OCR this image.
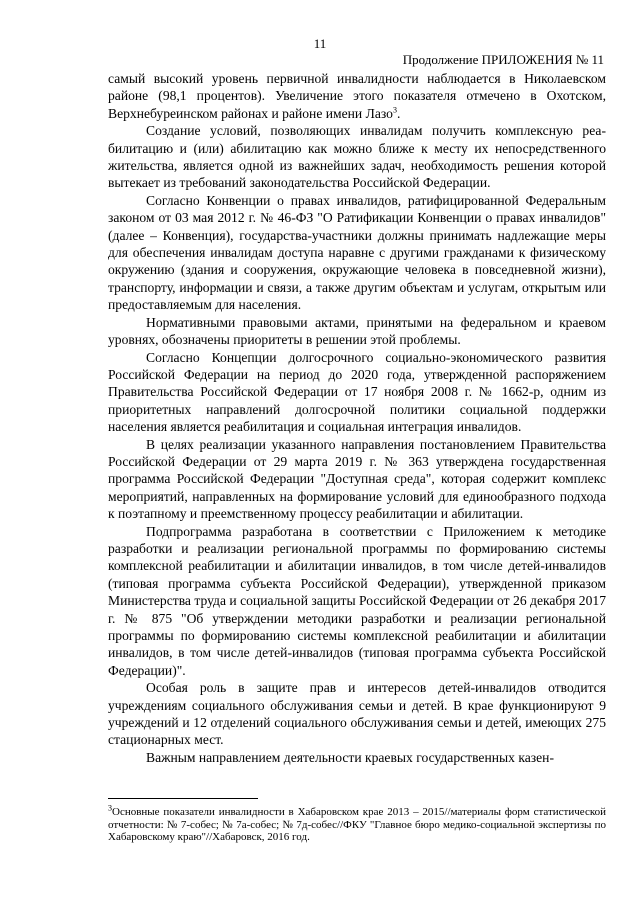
11
Продолжение ПРИЛОЖЕНИЯ № 11

самый высокий уровень первичной инвалидности наблюдается в Николаевском районе (98,1 процентов). Увеличение этого показателя отмечено в Охотском, Верхнебуреинском районах и районе имени Лазо$^3$.

Создание условий, позволяющих инвалидам получить комплексную реабилитацию и (или) абилитацию как можно ближе к месту их непосредственного жительства, является одной из важнейших задач, необходимость решения которой вытекает из требований законодательства Российской Федерации.

Согласно Конвенции о правах инвалидов, ратифицированной Федеральным законом от 03 мая 2012 г. № 46-ФЗ "О Ратификации Конвенции о правах инвалидов" (далее – Конвенция), государства-участники должны принимать надлежащие меры для обеспечения инвалидам доступа наравне с другими гражданами к физическому окружению (здания и сооружения, окружающие человека в повседневной жизни), транспорту, информации и связи, а также другим объектам и услугам, открытым или предоставляемым для населения.

Нормативными правовыми актами, принятыми на федеральном и краевом уровнях, обозначены приоритеты в решении этой проблемы.

Согласно Концепции долгосрочного социально-экономического развития Российской Федерации на период до 2020 года, утвержденной распоряжением Правительства Российской Федерации от 17 ноября 2008 г. № 1662-р, одним из приоритетных направлений долгосрочной политики социальной поддержки населения является реабилитация и социальная интеграция инвалидов.

В целях реализации указанного направления постановлением Правительства Российской Федерации от 29 марта 2019 г. № 363 утверждена государственная программа Российской Федерации "Доступная среда", которая содержит комплекс мероприятий, направленных на формирование условий для единообразного подхода к поэтапному и преемственному процессу реабилитации и абилитации.

Подпрограмма разработана в соответствии с Приложением к методике разработки и реализации региональной программы по формированию системы комплексной реабилитации и абилитации инвалидов, в том числе детей-инвалидов (типовая программа субъекта Российской Федерации), утвержденной приказом Министерства труда и социальной защиты Российской Федерации от 26 декабря 2017 г. № 875 "Об утверждении методики разработки и реализации региональной программы по формированию системы комплексной реабилитации и абилитации инвалидов, в том числе детей-инвалидов (типовая программа субъекта Российской Федерации)".

Особая роль в защите прав и интересов детей-инвалидов отводится учреждениям социального обслуживания семьи и детей. В крае функционируют 9 учреждений и 12 отделений социального обслуживания семьи и детей, имеющих 275 стационарных мест.

Важным направлением деятельности краевых государственных казен-

$^3$Основные показатели инвалидности в Хабаровском крае 2013 – 2015//материалы форм статистической отчетности: № 7-собес; № 7а-собес; № 7д-собес//ФКУ "Главное бюро медико-социальной экспертизы по Хабаровскому краю"//Хабаровск, 2016 год.
